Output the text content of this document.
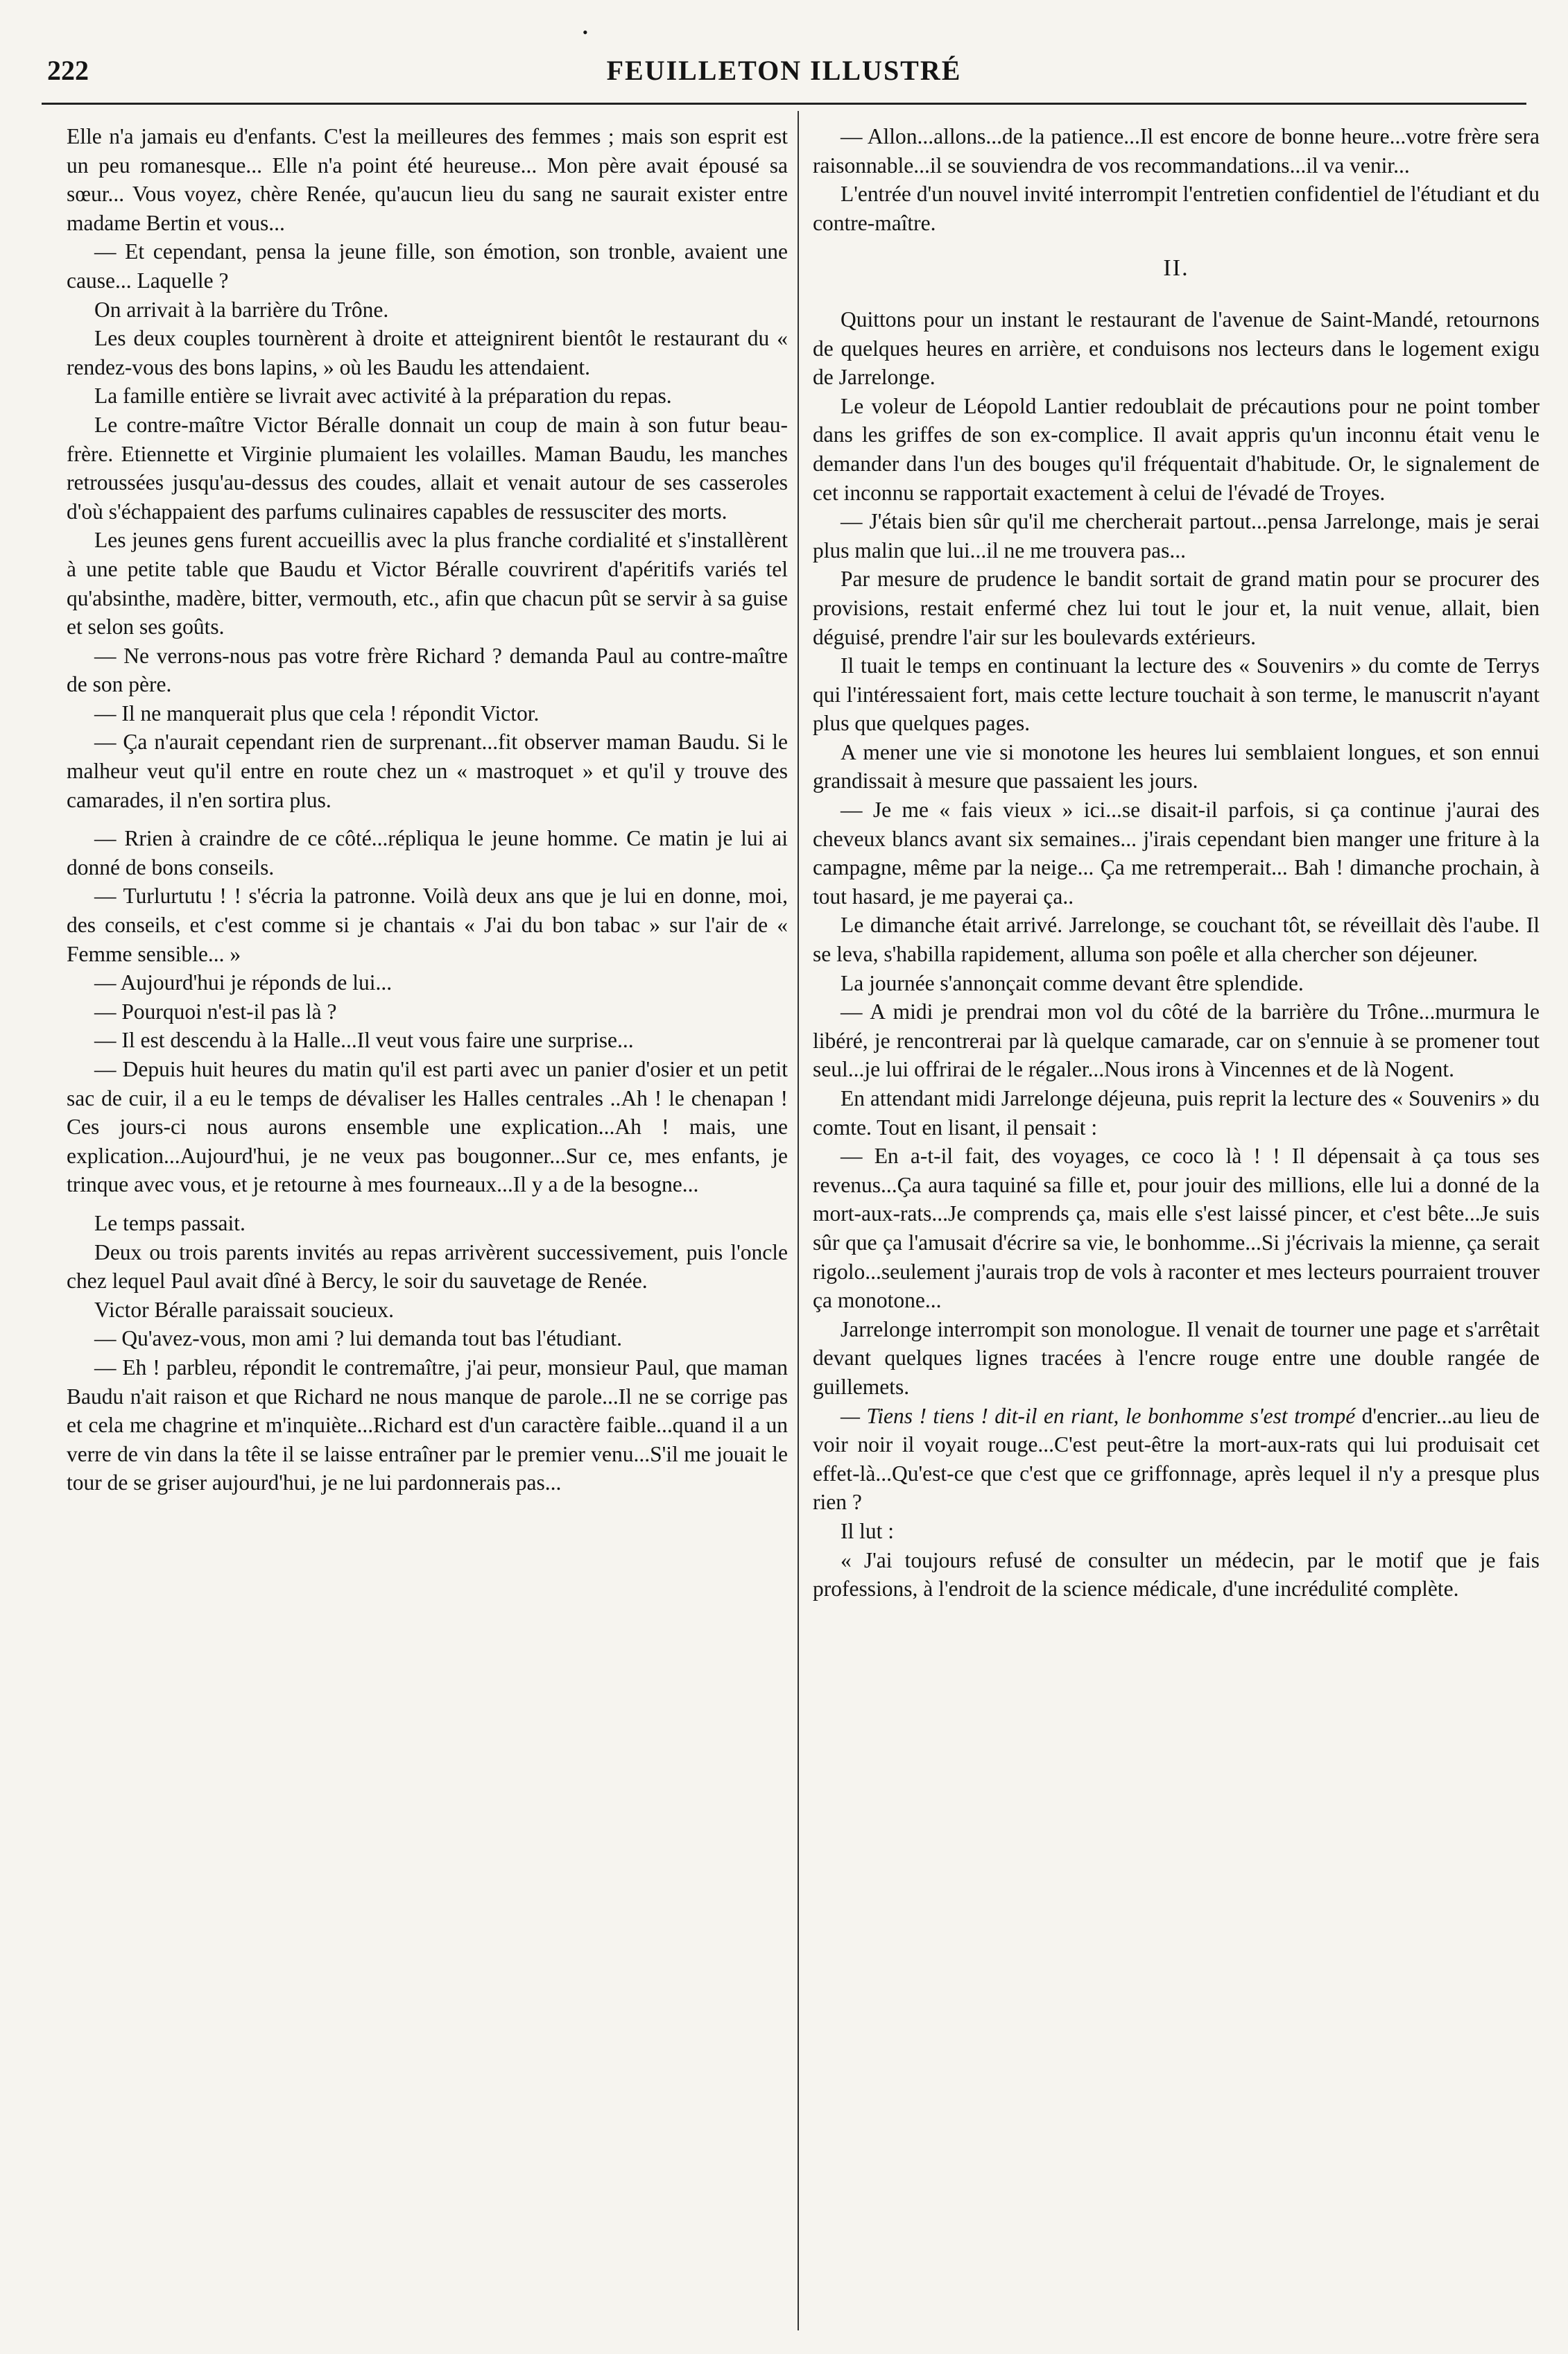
222
•
FEUILLETON ILLUSTRÉ

Elle n'a jamais eu d'enfants. C'est la meilleures des femmes ; mais son esprit est un peu romanesque... Elle n'a point été heureuse... Mon père avait épousé sa sœur... Vous voyez, chère Renée, qu'aucun lieu du sang ne saurait exister entre madame Bertin et vous...

— Et cependant, pensa la jeune fille, son émotion, son tronble, avaient une cause... Laquelle ?

On arrivait à la barrière du Trône.

Les deux couples tournèrent à droite et atteignirent bientôt le restaurant du « rendez-vous des bons lapins, » où les Baudu les attendaient.

La famille entière se livrait avec activité à la préparation du repas.

Le contre-maître Victor Béralle donnait un coup de main à son futur beau-frère. Etiennette et Virginie plumaient les volailles. Maman Baudu, les manches retroussées jusqu'au-dessus des coudes, allait et venait autour de ses casseroles d'où s'échappaient des parfums culinaires capables de ressusciter des morts.

Les jeunes gens furent accueillis avec la plus franche cordialité et s'installèrent à une petite table que Baudu et Victor Béralle couvrirent d'apéritifs variés tel qu'absinthe, madère, bitter, vermouth, etc., afin que chacun pût se servir à sa guise et selon ses goûts.

— Ne verrons-nous pas votre frère Richard ? demanda Paul au contre-maître de son père.

— Il ne manquerait plus que cela ! répondit Victor.

— Ça n'aurait cependant rien de surprenant...fit observer maman Baudu. Si le malheur veut qu'il entre en route chez un « mastroquet » et qu'il y trouve des camarades, il n'en sortira plus.

— Rrien à craindre de ce côté...répliqua le jeune homme. Ce matin je lui ai donné de bons conseils.

— Turlurtutu ! ! s'écria la patronne. Voilà deux ans que je lui en donne, moi, des conseils, et c'est comme si je chantais « J'ai du bon tabac » sur l'air de « Femme sensible... »

— Aujourd'hui je réponds de lui...

— Pourquoi n'est-il pas là ?

— Il est descendu à la Halle...Il veut vous faire une surprise...

— Depuis huit heures du matin qu'il est parti avec un panier d'osier et un petit sac de cuir, il a eu le temps de dévaliser les Halles centrales ..Ah ! le chenapan ! Ces jours-ci nous aurons ensemble une explication...Ah ! mais, une explication...Aujourd'hui, je ne veux pas bougonner...Sur ce, mes enfants, je trinque avec vous, et je retourne à mes fourneaux...Il y a de la besogne...

Le temps passait.

Deux ou trois parents invités au repas arrivèrent successivement, puis l'oncle chez lequel Paul avait dîné à Bercy, le soir du sauvetage de Renée.

Victor Béralle paraissait soucieux.

— Qu'avez-vous, mon ami ? lui demanda tout bas l'étudiant.

— Eh ! parbleu, répondit le contremaître, j'ai peur, monsieur Paul, que maman Baudu n'ait raison et que Richard ne nous manque de parole...Il ne se corrige pas et cela me chagrine et m'inquiète...Richard est d'un caractère faible...quand il a un verre de vin dans la tête il se laisse entraîner par le premier venu...S'il me jouait le tour de se griser aujourd'hui, je ne lui pardonnerais pas...

— Allon...allons...de la patience...Il est encore de bonne heure...votre frère sera raisonnable...il se souviendra de vos recommandations...il va venir...

L'entrée d'un nouvel invité interrompit l'entretien confidentiel de l'étudiant et du contre-maître.

II.

Quittons pour un instant le restaurant de l'avenue de Saint-Mandé, retournons de quelques heures en arrière, et conduisons nos lecteurs dans le logement exigu de Jarrelonge.

Le voleur de Léopold Lantier redoublait de précautions pour ne point tomber dans les griffes de son ex-complice. Il avait appris qu'un inconnu était venu le demander dans l'un des bouges qu'il fréquentait d'habitude. Or, le signalement de cet inconnu se rapportait exactement à celui de l'évadé de Troyes.

— J'étais bien sûr qu'il me chercherait partout...pensa Jarrelonge, mais je serai plus malin que lui...il ne me trouvera pas...

Par mesure de prudence le bandit sortait de grand matin pour se procurer des provisions, restait enfermé chez lui tout le jour et, la nuit venue, allait, bien déguisé, prendre l'air sur les boulevards extérieurs.

Il tuait le temps en continuant la lecture des « Souvenirs » du comte de Terrys qui l'intéressaient fort, mais cette lecture touchait à son terme, le manuscrit n'ayant plus que quelques pages.

A mener une vie si monotone les heures lui semblaient longues, et son ennui grandissait à mesure que passaient les jours.

— Je me « fais vieux » ici...se disait-il parfois, si ça continue j'aurai des cheveux blancs avant six semaines... j'irais cependant bien manger une friture à la campagne, même par la neige... Ça me retremperait... Bah ! dimanche prochain, à tout hasard, je me payerai ça..

Le dimanche était arrivé. Jarrelonge, se couchant tôt, se réveillait dès l'aube. Il se leva, s'habilla rapidement, alluma son poêle et alla chercher son déjeuner.

La journée s'annonçait comme devant être splendide.

— A midi je prendrai mon vol du côté de la barrière du Trône...murmura le libéré, je rencontrerai par là quelque camarade, car on s'ennuie à se promener tout seul...je lui offrirai de le régaler...Nous irons à Vincennes et de là Nogent.

En attendant midi Jarrelonge déjeuna, puis reprit la lecture des « Souvenirs » du comte. Tout en lisant, il pensait :

— En a-t-il fait, des voyages, ce coco là ! ! Il dépensait à ça tous ses revenus...Ça aura taquiné sa fille et, pour jouir des millions, elle lui a donné de la mort-aux-rats...Je comprends ça, mais elle s'est laissé pincer, et c'est bête...Je suis sûr que ça l'amusait d'écrire sa vie, le bonhomme...Si j'écrivais la mienne, ça serait rigolo...seulement j'aurais trop de vols à raconter et mes lecteurs pourraient trouver ça monotone...

Jarrelonge interrompit son monologue. Il venait de tourner une page et s'arrêtait devant quelques lignes tracées à l'encre rouge entre une double rangée de guillemets.

— Tiens ! tiens ! dit-il en riant, le bonhomme s'est trompé d'encrier...au lieu de voir noir il voyait rouge...C'est peut-être la mort-aux-rats qui lui produisait cet effet-là...Qu'est-ce que c'est que ce griffonnage, après lequel il n'y a presque plus rien ?

Il lut :

« J'ai toujours refusé de consulter un médecin, par le motif que je fais professions, à l'endroit de la science médicale, d'une incrédulité complète.
